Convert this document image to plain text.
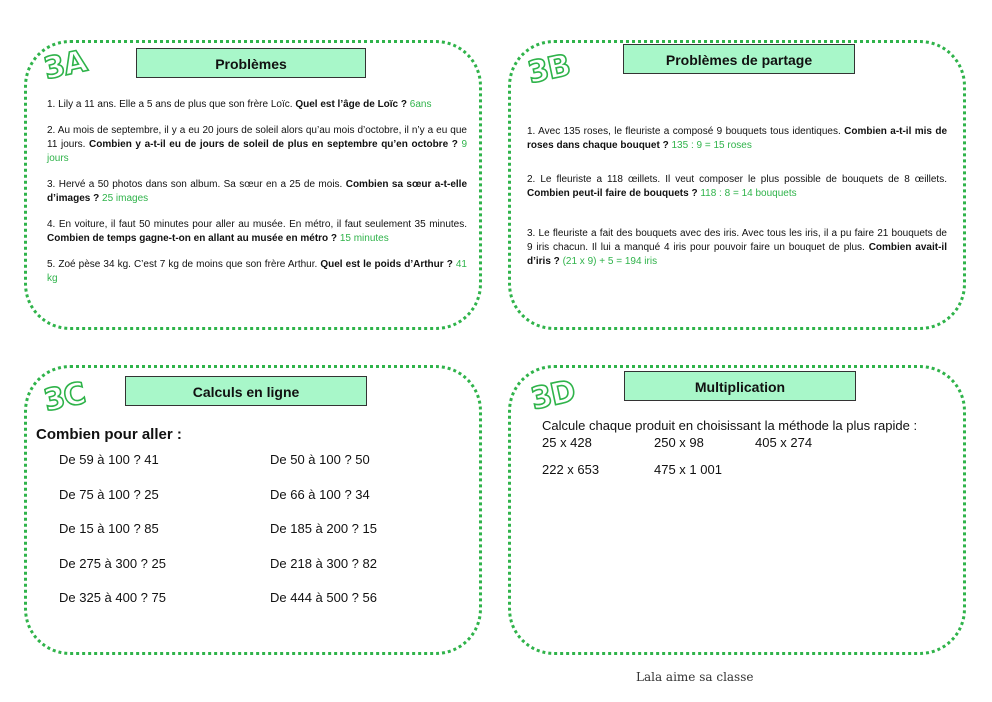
3A	Problèmes

1. Lily a 11 ans. Elle a 5 ans de plus que son frère Loïc. Quel est l’âge de Loïc ? 6ans

2. Au mois de septembre, il y a eu 20 jours de soleil alors qu’au mois d’octobre, il n’y a eu que 11 jours. Combien y a-t-il eu de jours de soleil de plus en septembre qu’en octobre ? 9 jours

3. Hervé a 50 photos dans son album. Sa sœur en a 25 de mois. Combien sa sœur a-t-elle d’images ? 25 images

4. En voiture, il faut 50 minutes pour aller au musée. En métro, il faut seulement 35 minutes. Combien de temps gagne-t-on en allant au musée en métro ? 15 minutes

5. Zoé pèse 34 kg. C’est 7 kg de moins que son frère Arthur. Quel est le poids d’Arthur ? 41 kg

3B	Problèmes de partage

1. Avec 135 roses, le fleuriste a composé 9 bouquets tous identiques. Combien a-t-il mis de roses dans chaque bouquet ? 135 : 9 = 15 roses

2. Le fleuriste a 118 œillets. Il veut composer le plus possible de bouquets de 8 œillets. Combien peut-il faire de bouquets ? 118 : 8 = 14 bouquets

3. Le fleuriste a fait des bouquets avec des iris. Avec tous les iris, il a pu faire 21 bouquets de 9 iris chacun. Il lui a manqué 4 iris pour pouvoir faire un bouquet de plus. Combien avait-il d’iris ? (21 x 9) + 5 = 194 iris

3C	Calculs en ligne
Combien pour aller :
De 59 à 100 ? 41
De 75 à 100 ? 25
De 15 à 100 ? 85
De 275 à 300 ? 25
De 325 à 400 ? 75
De 50 à 100 ? 50
De 66 à 100 ? 34
De 185 à 200 ? 15
De 218 à 300 ? 82
De 444 à 500 ? 56
3D	Multiplication
Calcule chaque produit en choisissant la méthode la plus rapide :
25 x 428	250 x 98	405 x 274
222 x 653	475 x 1 001
Lala aime sa classe
